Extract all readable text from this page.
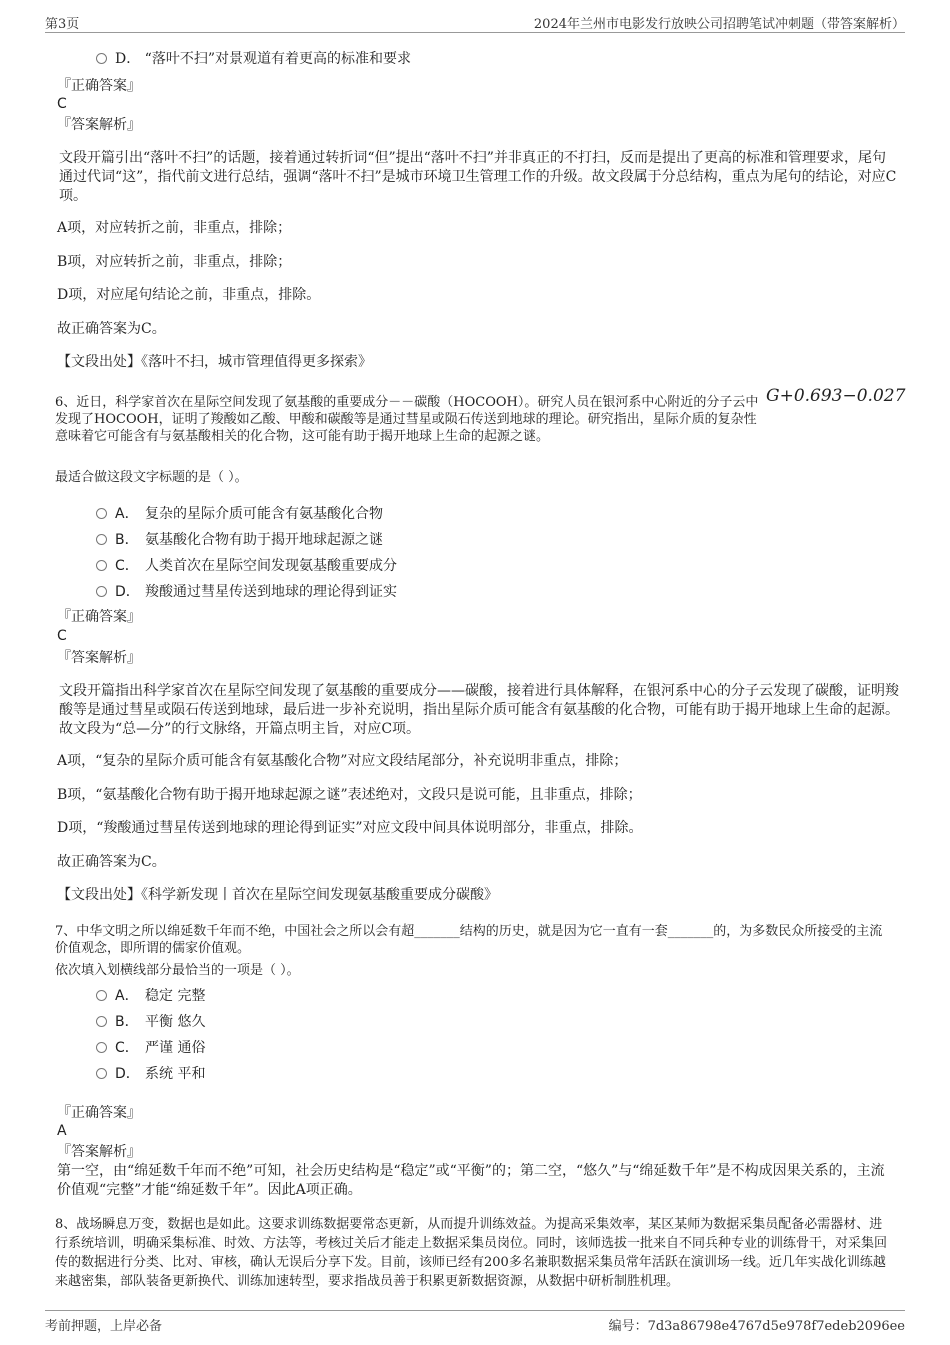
第3页	2024年兰州市电影发行放映公司招聘笔试冲刺题（带答案解析）
D． “落叶不扫”对景观道有着更高的标准和要求
『正确答案』
C
『答案解析』
文段开篇引出“落叶不扫”的话题，接着通过转折词“但”提出“落叶不扫”并非真正的不打扫，反而是提出了更高的标准和管理要求，尾句通过代词“这”，指代前文进行总结，强调“落叶不扫”是城市环境卫生管理工作的升级。故文段属于分总结构，重点为尾句的结论，对应C项。
A项，对应转折之前，非重点，排除；
B项，对应转折之前，非重点，排除；
D项，对应尾句结论之前，非重点，排除。
故正确答案为C。
【文段出处】《落叶不扫，城市管理值得更多探索》
6、近日，科学家首次在星际空间发现了氨基酸的重要成分－－碳酸（HOCOOH）。研究人员在银河系中心附近的分子云中发现了HOCOOH，证明了羧酸如乙酸、甲酸和碳酸等是通过彗星或陨石传送到地球的理论。研究指出，星际介质的复杂性意味着它可能含有与氨基酸相关的化合物，这可能有助于揭开地球上生命的起源之谜。
G+0.693−0.027
最适合做这段文字标题的是（ ）。
A． 复杂的星际介质可能含有氨基酸化合物
B． 氨基酸化合物有助于揭开地球起源之谜
C． 人类首次在星际空间发现氨基酸重要成分
D． 羧酸通过彗星传送到地球的理论得到证实
『正确答案』
C
『答案解析』
文段开篇指出科学家首次在星际空间发现了氨基酸的重要成分——碳酸，接着进行具体解释，在银河系中心的分子云发现了碳酸，证明羧酸等是通过彗星或陨石传送到地球，最后进一步补充说明，指出星际介质可能含有氨基酸的化合物，可能有助于揭开地球上生命的起源。故文段为“总—分”的行文脉络，开篇点明主旨，对应C项。
A项，“复杂的星际介质可能含有氨基酸化合物”对应文段结尾部分，补充说明非重点，排除；
B项，“氨基酸化合物有助于揭开地球起源之谜”表述绝对，文段只是说可能，且非重点，排除；
D项，“羧酸通过彗星传送到地球的理论得到证实”对应文段中间具体说明部分，非重点，排除。
故正确答案为C。
【文段出处】《科学新发现丨首次在星际空间发现氨基酸重要成分碳酸》
7、中华文明之所以绵延数千年而不绝，中国社会之所以会有超_______结构的历史，就是因为它一直有一套_______的，为多数民众所接受的主流价值观念，即所谓的儒家价值观。
依次填入划横线部分最恰当的一项是（ ）。
A． 稳定 完整
B． 平衡 悠久
C． 严谨 通俗
D． 系统 平和
『正确答案』
A
『答案解析』
第一空，由“绵延数千年而不绝”可知，社会历史结构是“稳定”或“平衡”的；第二空，“悠久”与“绵延数千年”是不构成因果关系的，主流价值观“完整”才能“绵延数千年”。因此A项正确。
8、战场瞬息万变，数据也是如此。这要求训练数据要常态更新，从而提升训练效益。为提高采集效率，某区某师为数据采集员配备必需器材、进行系统培训，明确采集标准、时效、方法等，考核过关后才能走上数据采集员岗位。同时，该师选拔一批来自不同兵种专业的训练骨干，对采集回传的数据进行分类、比对、审核，确认无误后分享下发。目前，该师已经有200多名兼职数据采集员常年活跃在演训场一线。近几年实战化训练越来越密集，部队装备更新换代、训练加速转型，要求指战员善于积累更新数据资源，从数据中研析制胜机理。
考前押题，上岸必备	编号：7d3a86798e4767d5e978f7edeb2096ee
